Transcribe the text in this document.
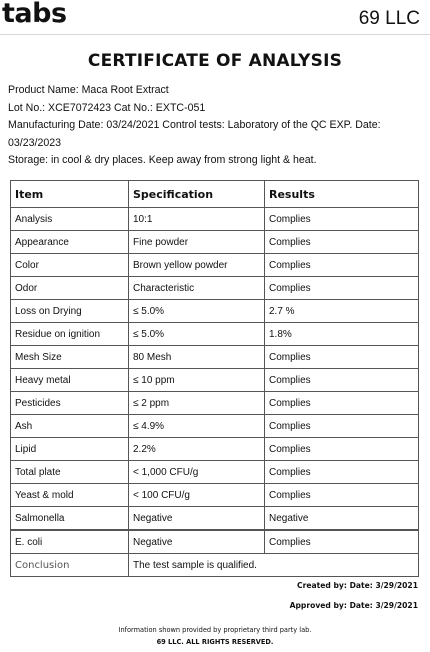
tabs	69 LLC
CERTIFICATE OF ANALYSIS
Product Name: Maca Root Extract
Lot No.: XCE7072423 Cat No.: EXTC-051
Manufacturing Date: 03/24/2021 Control tests: Laboratory of the QC EXP. Date:
03/23/2023
Storage: in cool & dry places. Keep away from strong light & heat.
Item	Specification	Results
Analysis	10:1	Complies
Appearance	Fine powder	Complies
Color	Brown yellow powder	Complies
Odor	Characteristic	Complies
Loss on Drying	≤ 5.0%	2.7 %
Residue on ignition	≤ 5.0%	1.8%
Mesh Size	80 Mesh	Complies
Heavy metal	≤ 10 ppm	Complies
Pesticides	≤ 2 ppm	Complies
Ash	≤ 4.9%	Complies
Lipid	2.2%	Complies
Total plate	< 1,000 CFU/g	Complies
Yeast & mold	< 100 CFU/g	Complies
Salmonella	Negative	Negative
E. coli	Negative	Complies
Conclusion	The test sample is qualified.	
Created by: Date: 3/29/2021
Approved by: Date: 3/29/2021
Information shown provided by proprietary third party lab.
69 LLC. ALL RIGHTS RESERVED.
